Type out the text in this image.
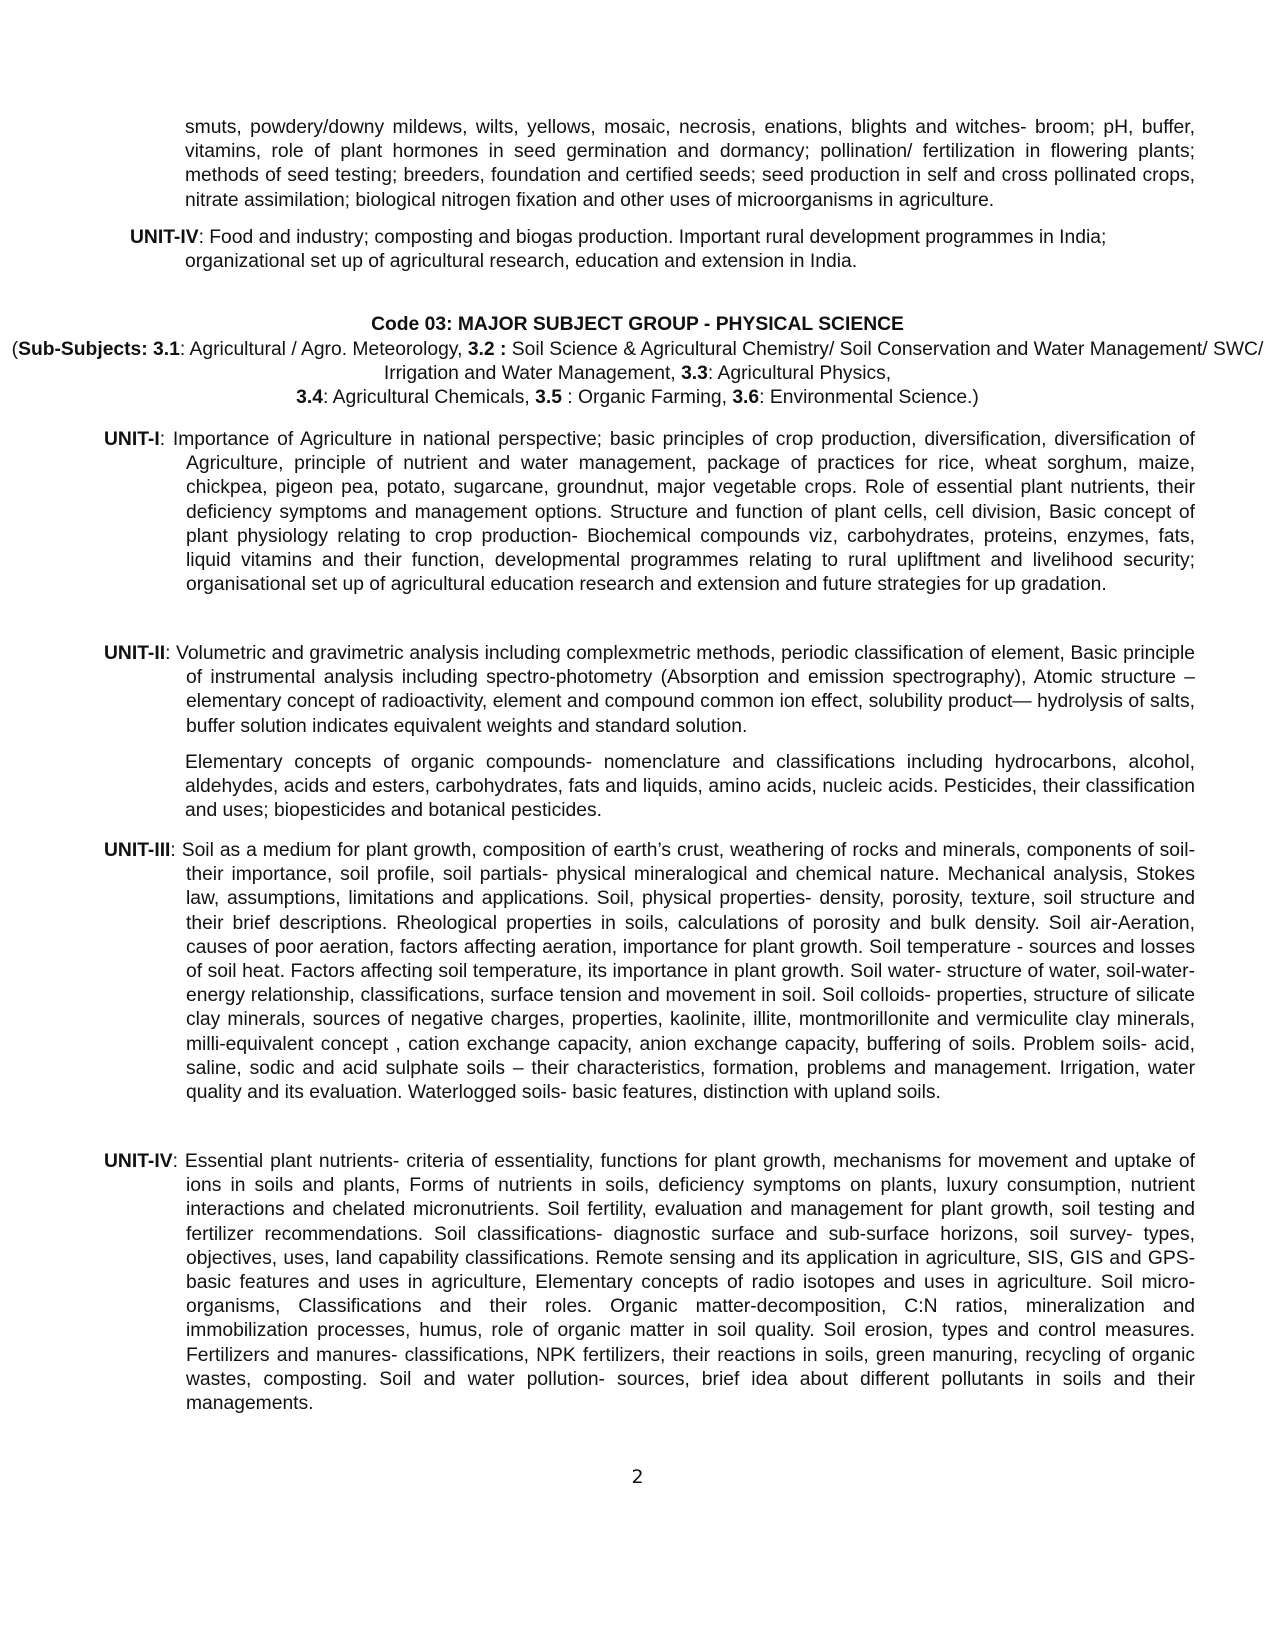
smuts, powdery/downy mildews, wilts, yellows, mosaic, necrosis, enations, blights and witches- broom; pH, buffer, vitamins, role of plant hormones in seed germination and dormancy; pollination/ fertilization in flowering plants; methods of seed testing; breeders, foundation and certified seeds; seed production in self and cross pollinated crops, nitrate assimilation; biological nitrogen fixation and other uses of microorganisms in agriculture.

UNIT-IV: Food and industry; composting and biogas production. Important rural development programmes in India; organizational set up of agricultural research, education and extension in India.

Code 03: MAJOR SUBJECT GROUP - PHYSICAL SCIENCE

(Sub-Subjects: 3.1: Agricultural / Agro. Meteorology, 3.2 : Soil Science & Agricultural Chemistry/ Soil Conservation and Water Management/ SWC/ Irrigation and Water Management, 3.3: Agricultural Physics,
3.4: Agricultural Chemicals, 3.5 : Organic Farming, 3.6: Environmental Science.)

UNIT-I: Importance of Agriculture in national perspective; basic principles of crop production, diversification, diversification of Agriculture, principle of nutrient and water management, package of practices for rice, wheat sorghum, maize, chickpea, pigeon pea, potato, sugarcane, groundnut, major vegetable crops. Role of essential plant nutrients, their deficiency symptoms and management options. Structure and function of plant cells, cell division, Basic concept of plant physiology relating to crop production- Biochemical compounds viz, carbohydrates, proteins, enzymes, fats, liquid vitamins and their function, developmental programmes relating to rural upliftment and livelihood security; organisational set up of agricultural education research and extension and future strategies for up gradation.

UNIT-II: Volumetric and gravimetric analysis including complexmetric methods, periodic classification of element, Basic principle of instrumental analysis including spectro-photometry (Absorption and emission spectrography), Atomic structure –elementary concept of radioactivity, element and compound common ion effect, solubility product— hydrolysis of salts, buffer solution indicates equivalent weights and standard solution.

Elementary concepts of organic compounds- nomenclature and classifications including hydrocarbons, alcohol, aldehydes, acids and esters, carbohydrates, fats and liquids, amino acids, nucleic acids. Pesticides, their classification and uses; biopesticides and botanical pesticides.

UNIT-III: Soil as a medium for plant growth, composition of earth’s crust, weathering of rocks and minerals, components of soil- their importance, soil profile, soil partials- physical mineralogical and chemical nature. Mechanical analysis, Stokes law, assumptions, limitations and applications. Soil, physical properties- density, porosity, texture, soil structure and their brief descriptions. Rheological properties in soils, calculations of porosity and bulk density. Soil air-Aeration, causes of poor aeration, factors affecting aeration, importance for plant growth. Soil temperature - sources and losses of soil heat. Factors affecting soil temperature, its importance in plant growth. Soil water- structure of water, soil-water-energy relationship, classifications, surface tension and movement in soil. Soil colloids- properties, structure of silicate clay minerals, sources of negative charges, properties, kaolinite, illite, montmorillonite and vermiculite clay minerals, milli-equivalent concept , cation exchange capacity, anion exchange capacity, buffering of soils. Problem soils- acid, saline, sodic and acid sulphate soils – their characteristics, formation, problems and management. Irrigation, water quality and its evaluation. Waterlogged soils- basic features, distinction with upland soils.

UNIT-IV: Essential plant nutrients- criteria of essentiality, functions for plant growth, mechanisms for movement and uptake of ions in soils and plants, Forms of nutrients in soils, deficiency symptoms on plants, luxury consumption, nutrient interactions and chelated micronutrients. Soil fertility, evaluation and management for plant growth, soil testing and fertilizer recommendations. Soil classifications- diagnostic surface and sub-surface horizons, soil survey- types, objectives, uses, land capability classifications. Remote sensing and its application in agriculture, SIS, GIS and GPS- basic features and uses in agriculture, Elementary concepts of radio isotopes and uses in agriculture. Soil micro-organisms, Classifications and their roles. Organic matter-decomposition, C:N ratios, mineralization and immobilization processes, humus, role of organic matter in soil quality. Soil erosion, types and control measures. Fertilizers and manures- classifications, NPK fertilizers, their reactions in soils, green manuring, recycling of organic wastes, composting. Soil and water pollution- sources, brief idea about different pollutants in soils and their managements.

2
